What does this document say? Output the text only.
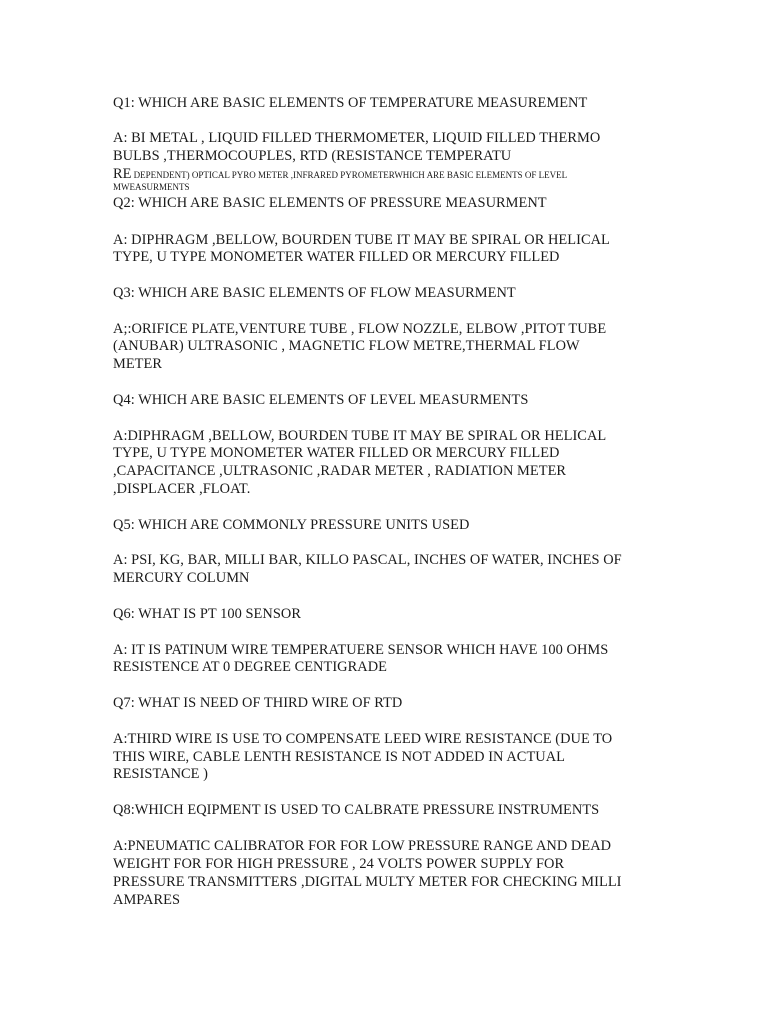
Q1: WHICH ARE BASIC ELEMENTS OF TEMPERATURE MEASUREMENT

A: BI METAL , LIQUID FILLED THERMOMETER, LIQUID FILLED THERMO

BULBS ,THERMOCOUPLES, RTD (RESISTANCE TEMPERATU

RE DEPENDENT) OPTICAL PYRO METER ,INFRARED PYROMETERWHICH ARE BASIC ELEMENTS OF LEVEL

MWEASURMENTS

Q2: WHICH ARE BASIC ELEMENTS OF PRESSURE MEASURMENT

A: DIPHRAGM ,BELLOW, BOURDEN TUBE IT MAY BE SPIRAL OR HELICAL

TYPE, U TYPE MONOMETER WATER FILLED OR MERCURY FILLED

Q3: WHICH ARE BASIC ELEMENTS OF FLOW MEASURMENT

A;:ORIFICE PLATE,VENTURE TUBE , FLOW NOZZLE, ELBOW ,PITOT TUBE

(ANUBAR) ULTRASONIC , MAGNETIC FLOW METRE,THERMAL FLOW

METER

Q4: WHICH ARE BASIC ELEMENTS OF LEVEL MEASURMENTS

A:DIPHRAGM ,BELLOW, BOURDEN TUBE IT MAY BE SPIRAL OR HELICAL

TYPE, U TYPE MONOMETER WATER FILLED OR MERCURY FILLED

,CAPACITANCE ,ULTRASONIC ,RADAR METER , RADIATION METER

,DISPLACER ,FLOAT.

Q5: WHICH ARE COMMONLY PRESSURE UNITS USED

A: PSI, KG, BAR, MILLI BAR, KILLO PASCAL, INCHES OF WATER, INCHES OF

MERCURY COLUMN

Q6: WHAT IS PT 100 SENSOR

A: IT IS PATINUM WIRE TEMPERATUERE SENSOR WHICH HAVE 100 OHMS

RESISTENCE AT 0 DEGREE CENTIGRADE

Q7: WHAT IS NEED OF THIRD WIRE OF RTD

A:THIRD WIRE IS USE TO COMPENSATE LEED WIRE RESISTANCE (DUE TO

THIS WIRE, CABLE LENTH RESISTANCE IS NOT ADDED IN ACTUAL

RESISTANCE )

Q8:WHICH EQIPMENT IS USED TO CALBRATE PRESSURE INSTRUMENTS

A:PNEUMATIC CALIBRATOR FOR FOR LOW PRESSURE RANGE AND DEAD

WEIGHT FOR FOR HIGH PRESSURE , 24 VOLTS POWER SUPPLY FOR

PRESSURE TRANSMITTERS ,DIGITAL MULTY METER FOR CHECKING MILLI

AMPARES
